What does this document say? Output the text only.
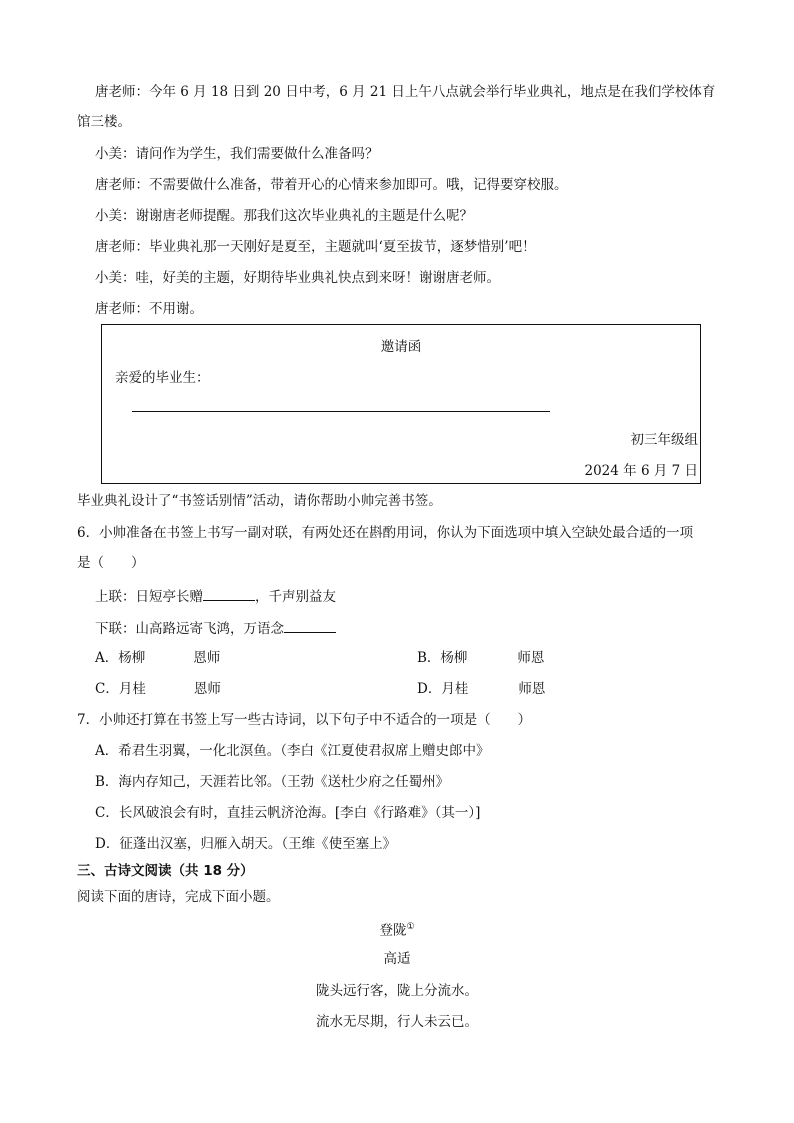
唐老师：今年 6 月 18 日到 20 日中考，6 月 21 日上午八点就会举行毕业典礼，地点是在我们学校体育
馆三楼。
小美：请问作为学生，我们需要做什么准备吗？
唐老师：不需要做什么准备，带着开心的心情来参加即可。哦，记得要穿校服。
小美：谢谢唐老师提醒。那我们这次毕业典礼的主题是什么呢？
唐老师：毕业典礼那一天刚好是夏至，主题就叫‘夏至拔节，逐梦惜别’吧！
小美：哇，好美的主题，好期待毕业典礼快点到来呀！谢谢唐老师。
唐老师：不用谢。
邀请函
亲爱的毕业生：
初三年级组
2024 年 6 月 7 日
毕业典礼设计了“书签话别情”活动，请你帮助小帅完善书签。
6．小帅准备在书签上书写一副对联，有两处还在斟酌用词，你认为下面选项中填入空缺处最合适的一项
是（　　）
上联：日短亭长赠	，千声别益友
下联：山高路远寄飞鸿，万语念
A．杨柳	恩师	B．杨柳	师恩
C．月桂	恩师	D．月桂	师恩
7．小帅还打算在书签上写一些古诗词，以下句子中不适合的一项是（　　）
A．希君生羽翼，一化北溟鱼。（李白《江夏使君叔席上赠史郎中》
B．海内存知己，天涯若比邻。（王勃《送杜少府之任蜀州》
C．长风破浪会有时，直挂云帆济沧海。[李白《行路难》（其一）]
D．征蓬出汉塞，归雁入胡天。（王维《使至塞上》
三、古诗文阅读（共 18 分）
阅读下面的唐诗，完成下面小题。
登陇①
高适
陇头远行客，陇上分流水。
流水无尽期，行人未云已。
